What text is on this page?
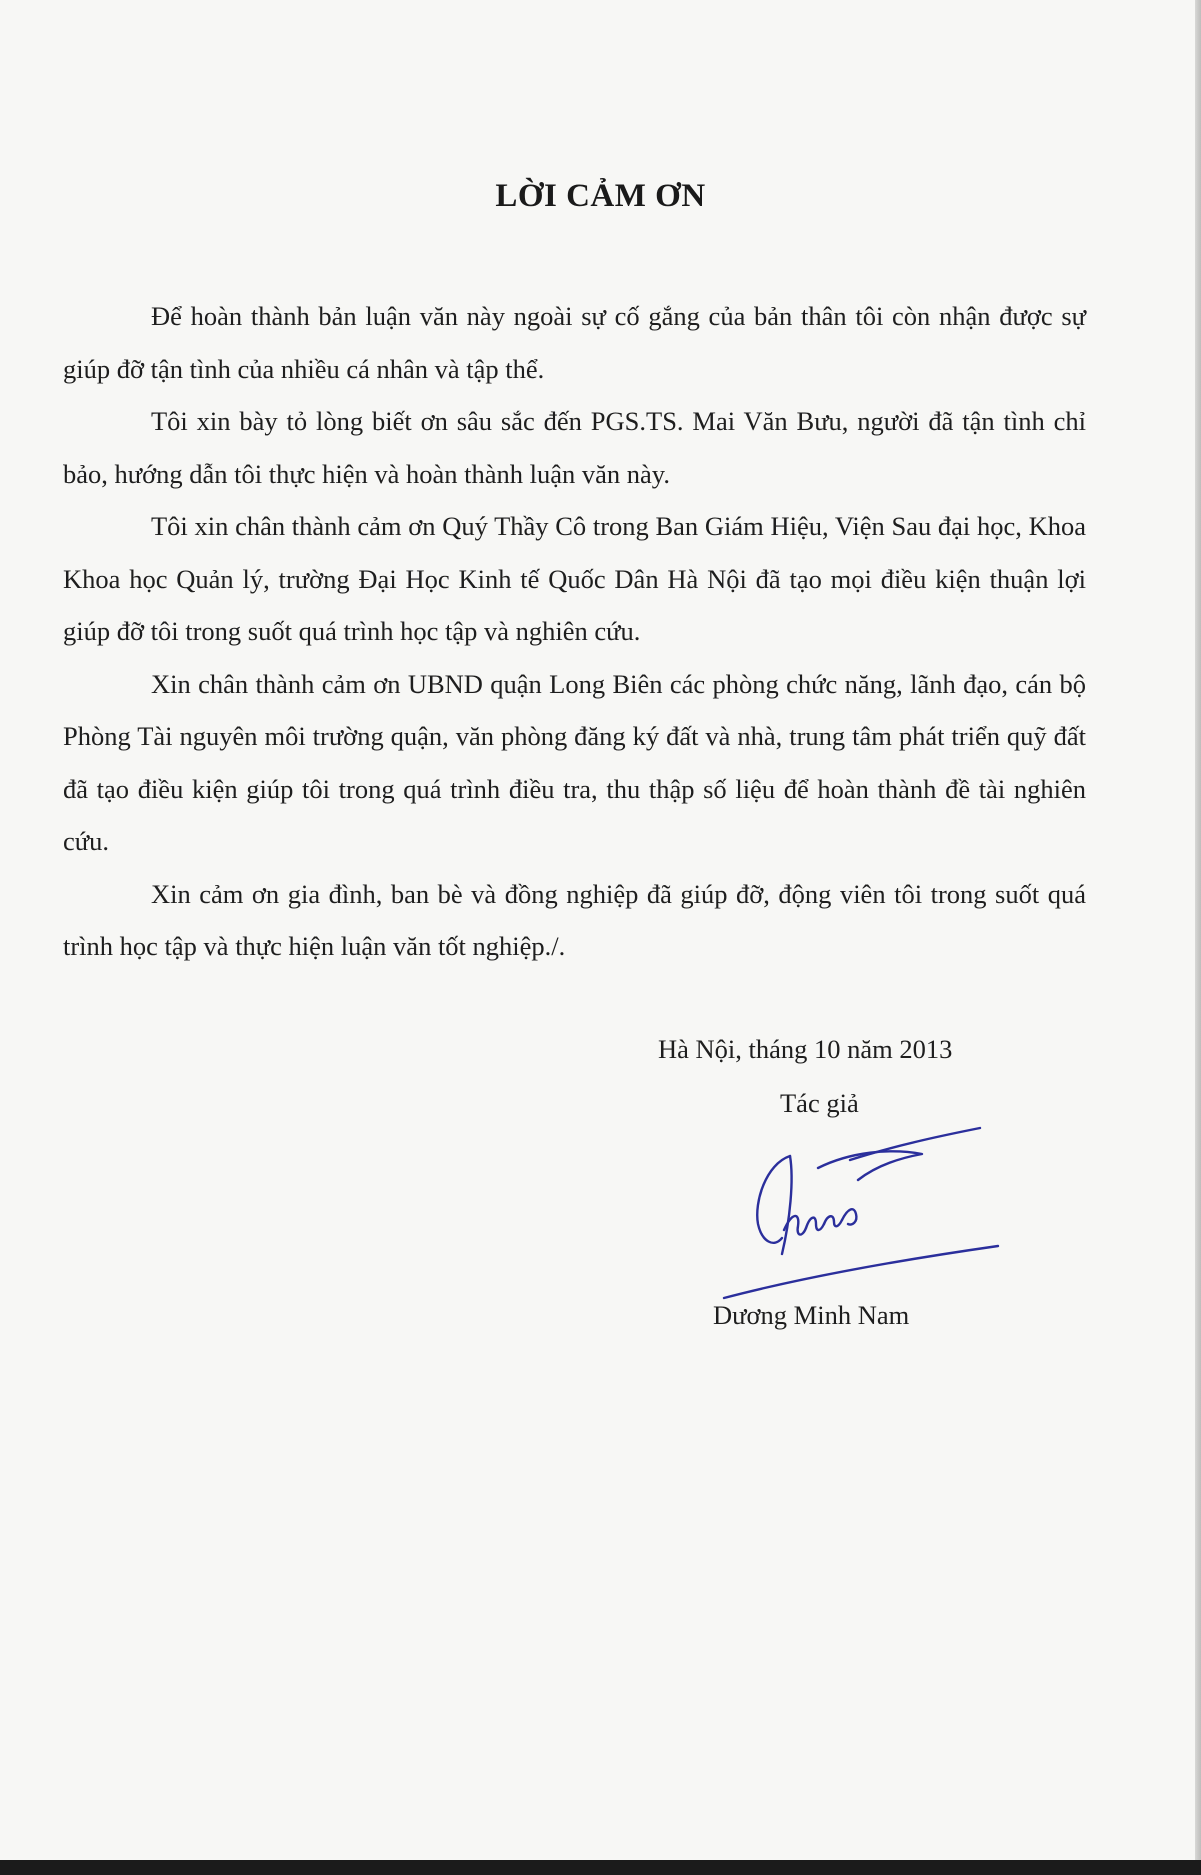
LỜI CẢM ƠN

Để hoàn thành bản luận văn này ngoài sự cố gắng của bản thân tôi còn nhận được sự giúp đỡ tận tình của nhiều cá nhân và tập thể.

Tôi xin bày tỏ lòng biết ơn sâu sắc đến PGS.TS. Mai Văn Bưu, người đã tận tình chỉ bảo, hướng dẫn tôi thực hiện và hoàn thành luận văn này.

Tôi xin chân thành cảm ơn Quý Thầy Cô trong Ban Giám Hiệu, Viện Sau đại học, Khoa Khoa học Quản lý, trường Đại Học Kinh tế Quốc Dân Hà Nội đã tạo mọi điều kiện thuận lợi giúp đỡ tôi trong suốt quá trình học tập và nghiên cứu.

Xin chân thành cảm ơn UBND quận Long Biên các phòng chức năng, lãnh đạo, cán bộ Phòng Tài nguyên môi trường quận, văn phòng đăng ký đất và nhà, trung tâm phát triển quỹ đất đã tạo điều kiện giúp tôi trong quá trình điều tra, thu thập số liệu để hoàn thành đề tài nghiên cứu.

Xin cảm ơn gia đình, ban bè và đồng nghiệp đã giúp đỡ, động viên tôi trong suốt quá trình học tập và thực hiện luận văn tốt nghiệp./.

Hà Nội, tháng 10 năm 2013
Tác giả
Dương Minh Nam
